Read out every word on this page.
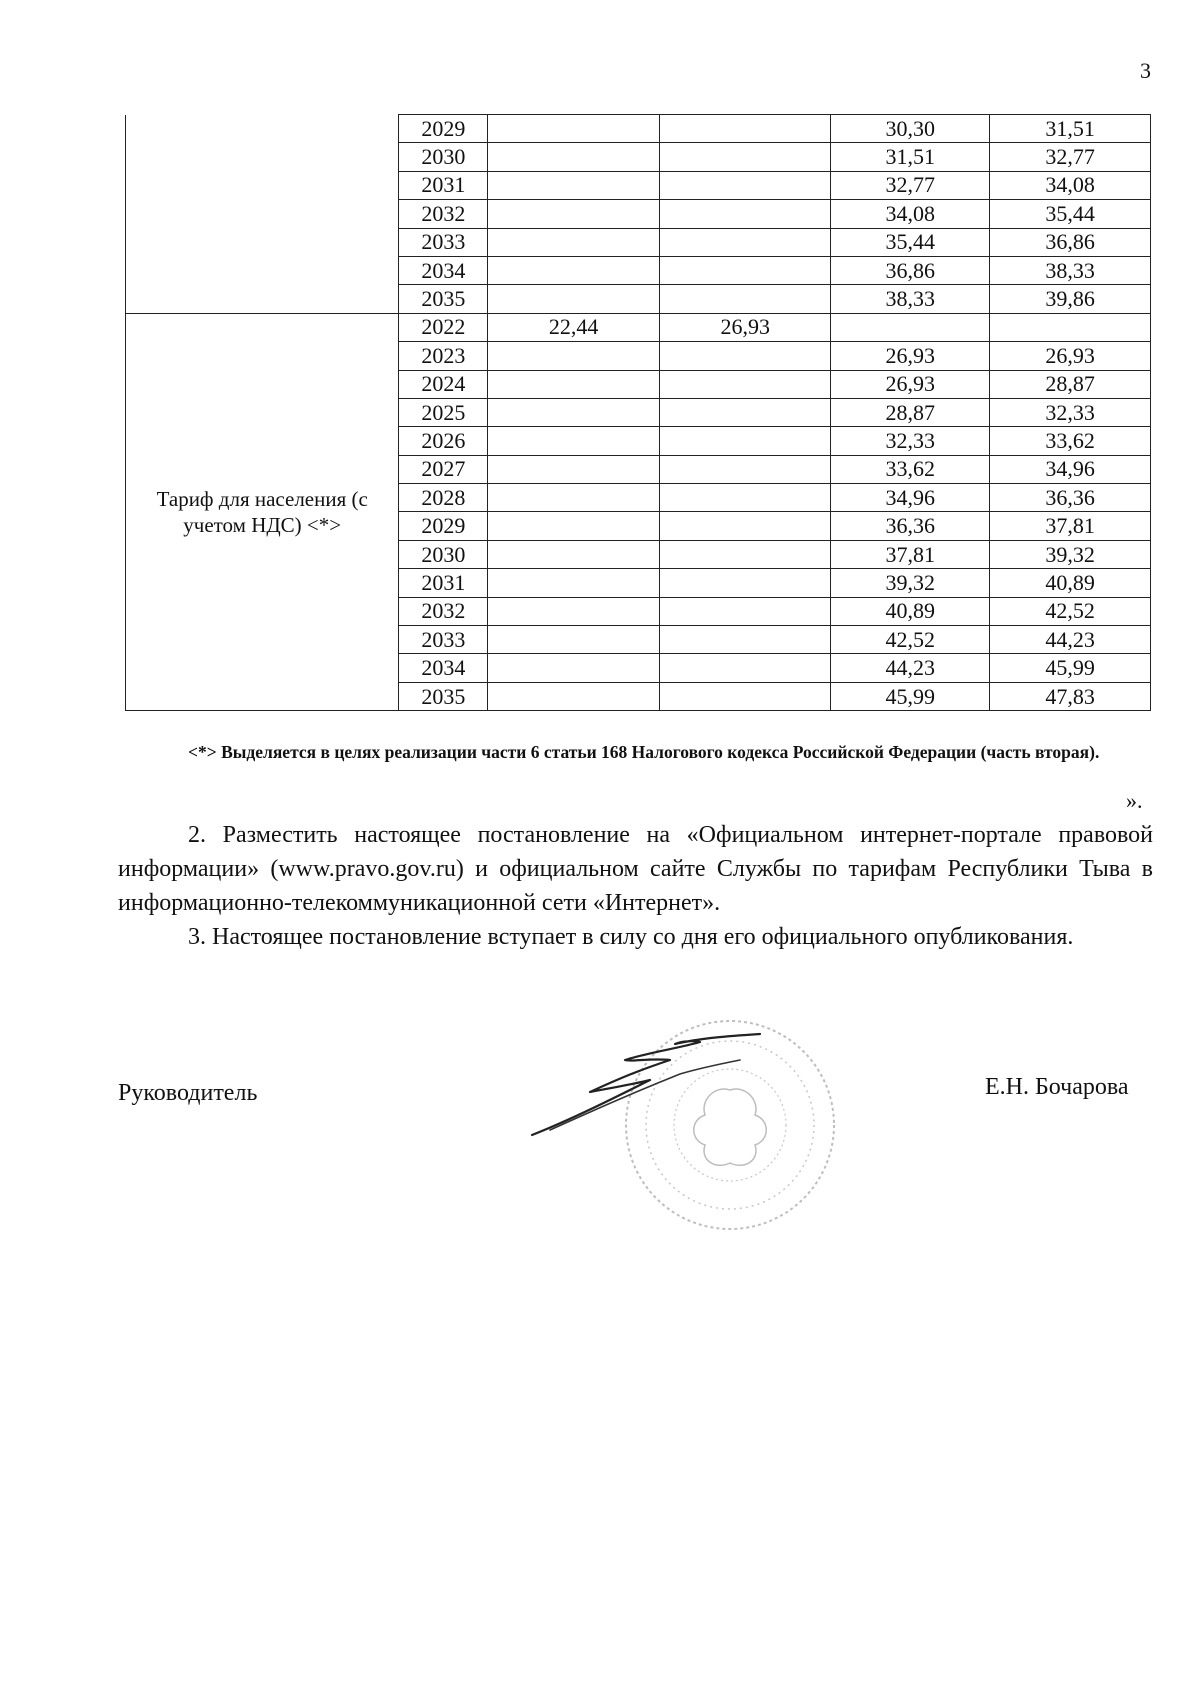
3
	2029			30,30	31,51
	2030			31,51	32,77
	2031			32,77	34,08
	2032			34,08	35,44
	2033			35,44	36,86
	2034			36,86	38,33
	2035			38,33	39,86
Тариф для населения (с учетом НДС) <*>	2022	22,44	26,93		
	2023			26,93	26,93
	2024			26,93	28,87
	2025			28,87	32,33
	2026			32,33	33,62
	2027			33,62	34,96
	2028			34,96	36,36
	2029			36,36	37,81
	2030			37,81	39,32
	2031			39,32	40,89
	2032			40,89	42,52
	2033			42,52	44,23
	2034			44,23	45,99
	2035			45,99	47,83
<*> Выделяется в целях реализации части 6 статьи 168 Налогового кодекса Российской Федерации (часть вторая).
».
2. Разместить настоящее постановление на «Официальном интернет-портале правовой информации» (www.pravo.gov.ru) и официальном сайте Службы по тарифам Республики Тыва в информационно-телекоммуникационной сети «Интернет».
3. Настоящее постановление вступает в силу со дня его официального опубликования.
Руководитель	Е.Н. Бочарова
